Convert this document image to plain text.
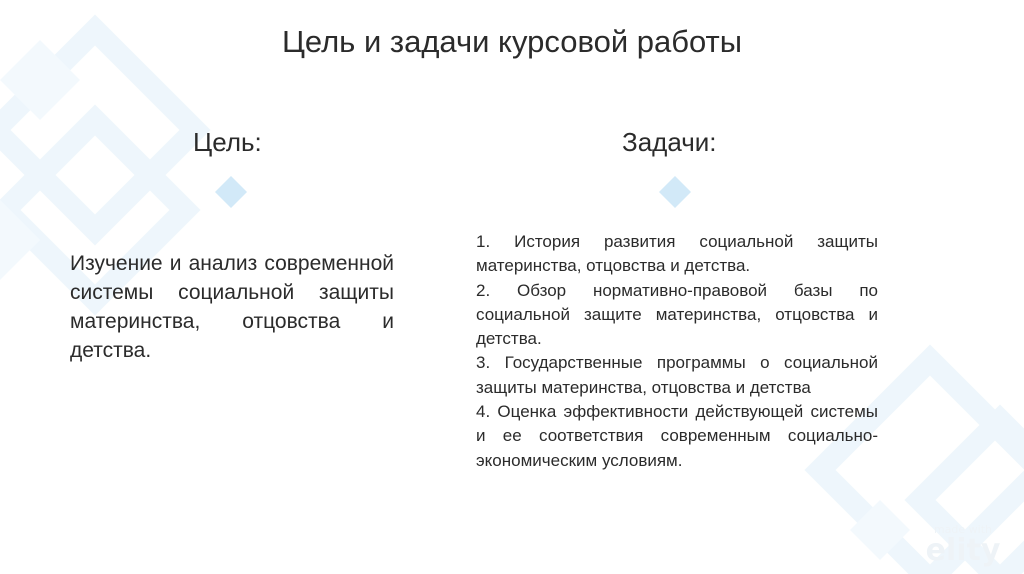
Цель и задачи курсовой работы
Цель:	Задачи:

Изучение и анализ современной системы социальной защиты материнства, отцовства и детства.

1. История развития социальной защиты материнства, отцовства и детства.
2. Обзор нормативно-правовой базы по социальной защите материнства, отцовства и детства.
3. Государственные программы о социальной защиты материнства, отцовства и детства
4. Оценка эффективности действующей системы и ее соответствия современным социально-экономическим условиям.
made with
elity
